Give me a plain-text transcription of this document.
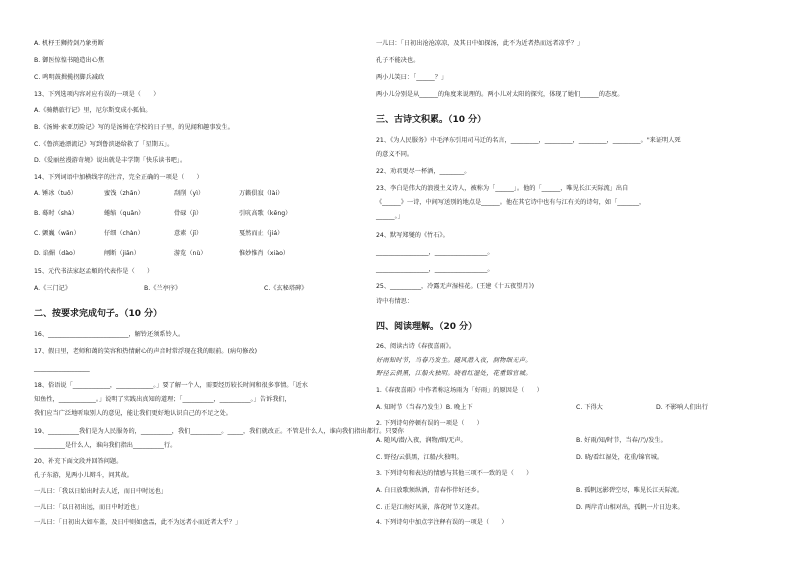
A. 机杼王狮持剑乃象勇断
B. 御医惊惶书随造出心焦
C. 鸣明鼓揖揽拐脚兵减政
13、下列选项内容对应有误的一项是（　　）
A.《骑鹅旅行记》里，尼尔斯变成小狐仙。
B.《汤姆·索亚历险记》写的是汤姆在学校的日子里，的见闻和趣事发生。
C.《鲁滨逊漂流记》写到鲁滨逊给救了「星期五」。
D.《爱丽丝漫游奇境》说出就是丰学期「快乐读书吧」。
14、下列词语中加横线字的注音，完全正确的一项是（　　）
A. 锤冰（tuǒ）	蜜饯（zhān）	刮削（yì）	万籁俱寂（lài）
B. 蓦时（shà）	蜷缩（quān）	骨碌（jì）	引吭高歌（kēng）
C. 颤巍（wān）	仔细（chàn）	意素（jī）	戛然而止（jiá）
D. 谄媚（dào）	闸断（jiān）	游览（nù）	惟妙惟肖（xiào）
15、元代书法家赵孟頫的代表作是（　　）
A.《三门记》	B.《兰亭序》	C.《玄秘塔碑》
二、按要求完成句子。（10 分）
16、__________________________，解铃还须系铃人。
17、假日里，老师和蔼的笑容和热情耐心的声音时常浮现在我的眼前。(病句修改)
__________________
18、俗语说「____________，____________。」要了解一个人，需要经历较长时间和很多事情。「近水
知鱼性，____________。」说明了实践出真知的道理；「__________，__________。」告诉我们，
我们应当广泛地听取别人的意见，能让我们更好地认识自己的不足之处。
19、__________我们是为人民服务的，__________，我们__________。_____，我们就改正。不管是什么人，谁向我们指出都行。只要你
__________是什么人，谁向我们指出__________行。
20、补充下面文段并回答问题。
孔子东游，见两小儿辩斗，问其故。
一儿曰：「我以日始出时去人近，而日中时远也」
一儿曰：「以日初出远，而日中时近也」
一儿曰：「日初出大如车盖，及日中则如盘盂，此不为远者小而近者大乎？」
一儿曰：「日初出沧沧凉凉，及其日中如探汤，此不为近者热而远者凉乎？」
孔子不能决也。
两小儿笑曰：「______？」
两小儿分别是从______的角度来说理的。两小儿对太阳的探究，体现了她们______的态度。
三、古诗文积累。（10 分）
21、《为人民服务》中毛泽东引用司马迁的名言，_________，_________，_________，_________。"来证明人死
的意义不同。
22、劝君更尽一杯酒，________。
23、李白是伟大的浪漫主义诗人，被称为「______」。他的「______，唯见长江天际流」出自
《______》一诗，中间写送别的地点是______。他在其它诗中也有与江有关的诗句，如「_______，
______。」
24、默写郑燮的《竹石》。
_________________，_________________。
_________________，_________________。
25、__________，冷露无声湿桂花。(王建《十五夜望月》)
诗中有情思：
四、阅读理解。（20 分）
26、阅读古诗《春夜喜雨》。
好雨知时节，当春乃发生。随风潜入夜，润物细无声。
野径云俱黑，江船火独明。晓看红湿处，花重锦官城。
1.《春夜喜雨》中作者称这场雨为「好雨」的原因是（　　）
A. 知时节（当春乃发生）B. 晚上下	C. 下得大	D. 不影响人们出行
A. 随风/潜/入夜，润物/细/无声。	B. 好雨/知/时节，当春/乃/发生。
C. 野径/云俱黑，江船/火独明。	D. 晓/看红湿处，花重/锦官城。
A. 白日放歌须纵酒，青春作伴好还乡。	B. 孤帆远影碧空尽，唯见长江天际流。
C. 正是江南好风景，落花时节又逢君。	D. 两岸青山相对出，孤帆一片日边来。
2. 下列诗句停顿有误的一项是（　　）
3. 下列诗句和表达的情感与其他三项不一致的是（　　）
4. 下列诗句中加点字注释有误的一项是（　　）
